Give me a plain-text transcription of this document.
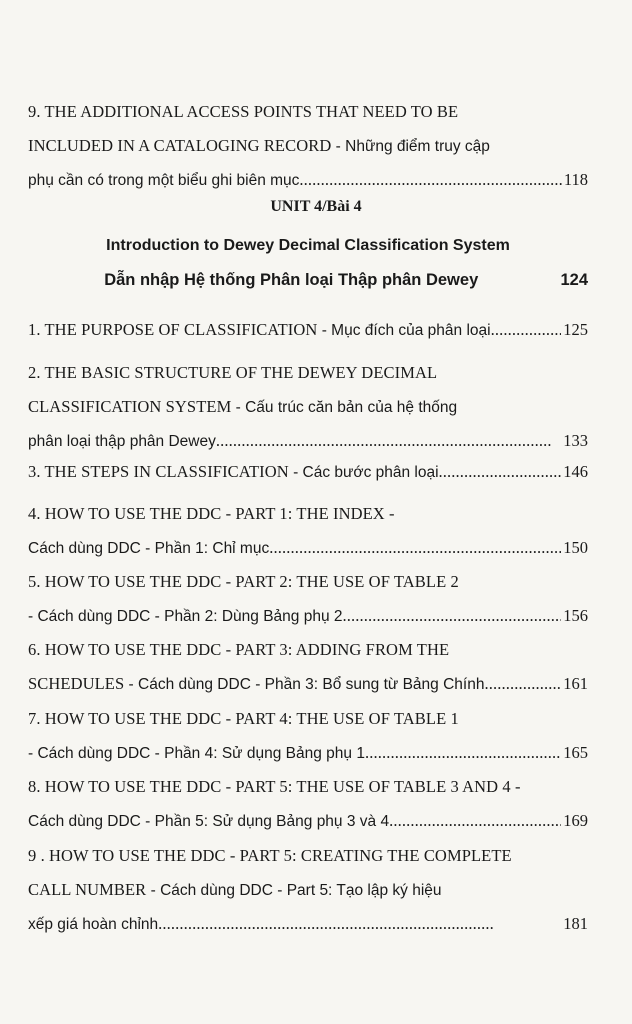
9. THE ADDITIONAL ACCESS POINTS THAT NEED TO BE
INCLUDED IN A CATALOGING RECORD - Những điểm truy cập
phụ cần có trong một biểu ghi biên mục . . .	118
UNIT 4/Bài 4
Introduction to Dewey Decimal Classification System
Dẫn nhập Hệ thống Phân loại Thập phân Dewey	124
1. THE PURPOSE OF CLASSIFICATION - Mục đích của phân loại . . .	125
2. THE BASIC STRUCTURE OF THE DEWEY DECIMAL
CLASSIFICATION SYSTEM - Cấu trúc căn bản của hệ thống
phân loại thập phân Dewey . . .	133
3. THE STEPS IN CLASSIFICATION - Các bước phân loại . . .	146
4. HOW TO USE THE DDC - PART 1: THE INDEX -
Cách dùng DDC - Phần 1: Chỉ mục . . .	150
5. HOW TO USE THE DDC - PART 2: THE USE OF TABLE 2
- Cách dùng DDC - Phần 2: Dùng Bảng phụ 2 . . .	156
6. HOW TO USE THE DDC - PART 3: ADDING FROM THE
SCHEDULES - Cách dùng DDC - Phần 3: Bổ sung từ Bảng Chính . . .	161
7. HOW TO USE THE DDC - PART 4: THE USE OF TABLE 1
- Cách dùng DDC - Phần 4: Sử dụng Bảng phụ 1 . . .	165
8. HOW TO USE THE DDC - PART 5: THE USE OF TABLE 3 AND 4 -
Cách dùng DDC - Phần 5: Sử dụng Bảng phụ 3 và 4 . . .	169
9 . HOW TO USE THE DDC - PART 5: CREATING THE COMPLETE
CALL NUMBER - Cách dùng DDC - Part 5: Tạo lập ký hiệu
xếp giá hoàn chỉnh . . .	181
